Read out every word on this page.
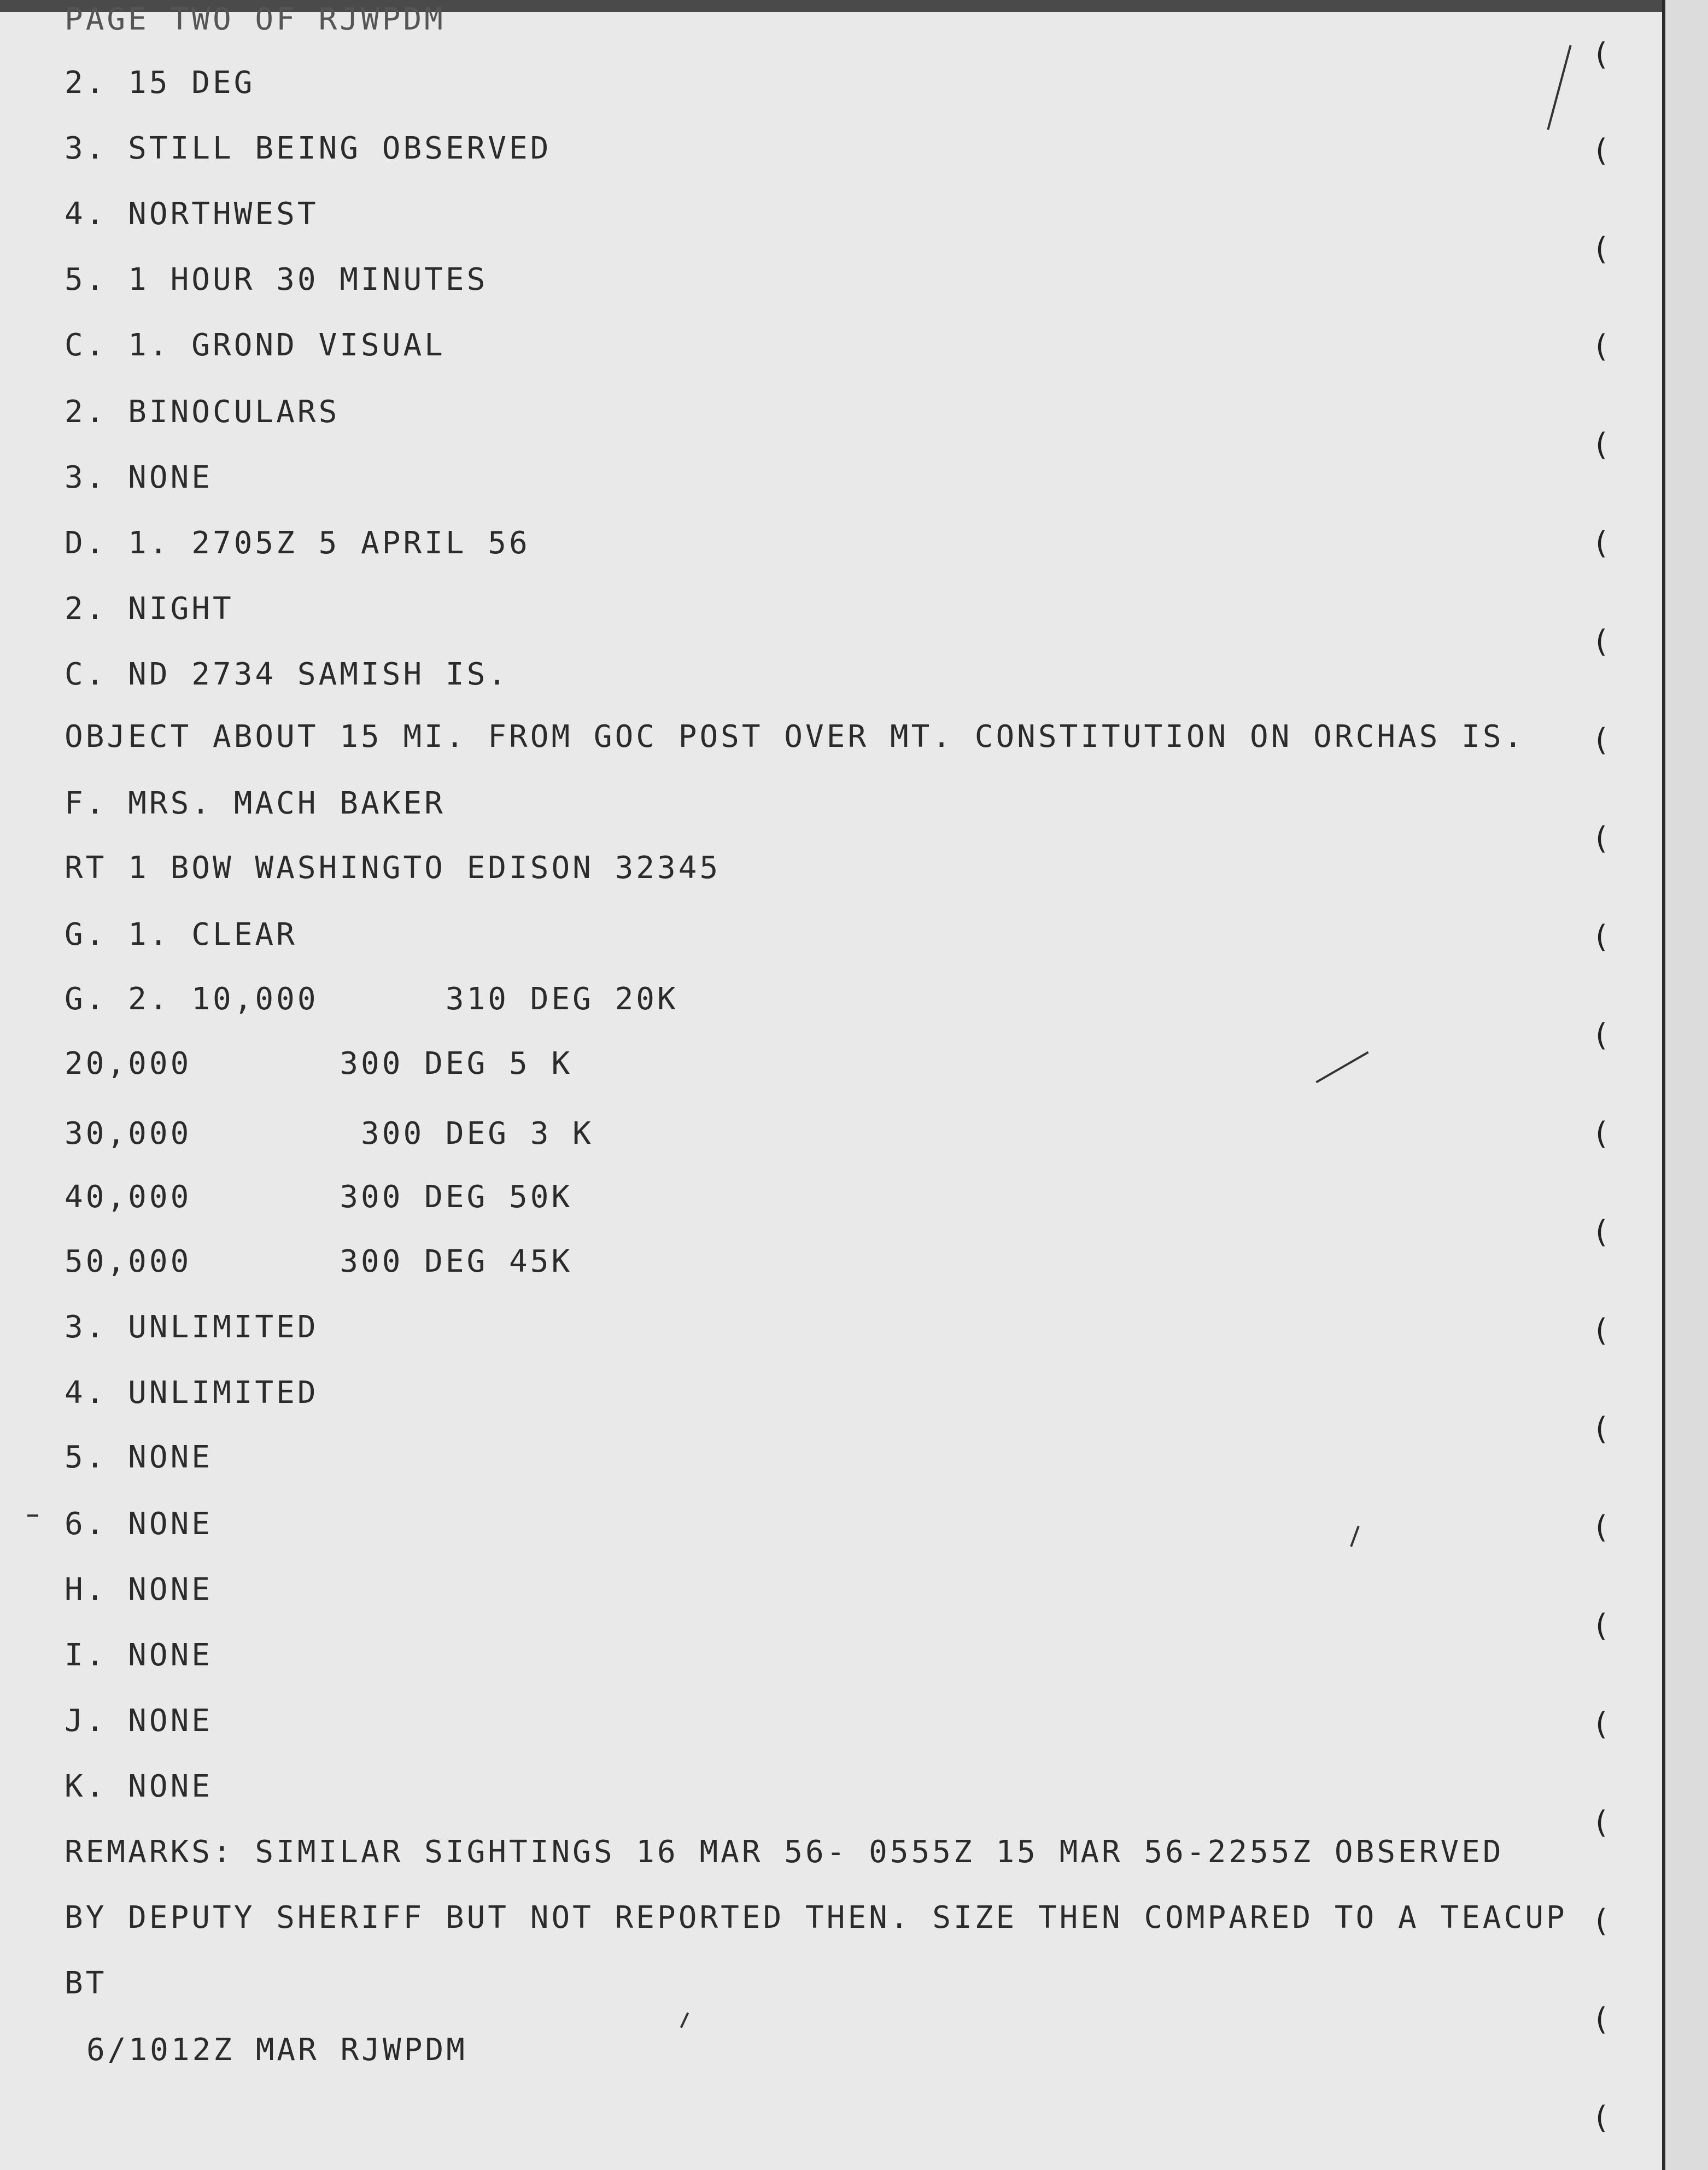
PAGE TWO OF RJWPDM
2. 15 DEG
3. STILL BEING OBSERVED
4. NORTHWEST
5. 1 HOUR 30 MINUTES
C. 1. GROND VISUAL
2. BINOCULARS
3. NONE
D. 1. 2705Z 5 APRIL 56
2. NIGHT
C. ND 2734 SAMISH IS.
OBJECT ABOUT 15 MI. FROM GOC POST OVER MT. CONSTITUTION ON ORCHAS IS.
F. MRS. MACH BAKER
RT 1 BOW WASHINGTO EDISON 32345
G. 1. CLEAR
G. 2. 10,000      310 DEG 20K
20,000       300 DEG 5 K
30,000        300 DEG 3 K
40,000       300 DEG 50K
50,000       300 DEG 45K
3. UNLIMITED
4. UNLIMITED
5. NONE
6. NONE
H. NONE
I. NONE
J. NONE
K. NONE
REMARKS: SIMILAR SIGHTINGS 16 MAR 56- 0555Z 15 MAR 56-2255Z OBSERVED
BY DEPUTY SHERIFF BUT NOT REPORTED THEN. SIZE THEN COMPARED TO A TEACUP
BT
6/1012Z MAR RJWPDM
(
(
(
(
(
(
(
(
(
(
(
(
(
(
(
(
(
(
(
(
(
(
